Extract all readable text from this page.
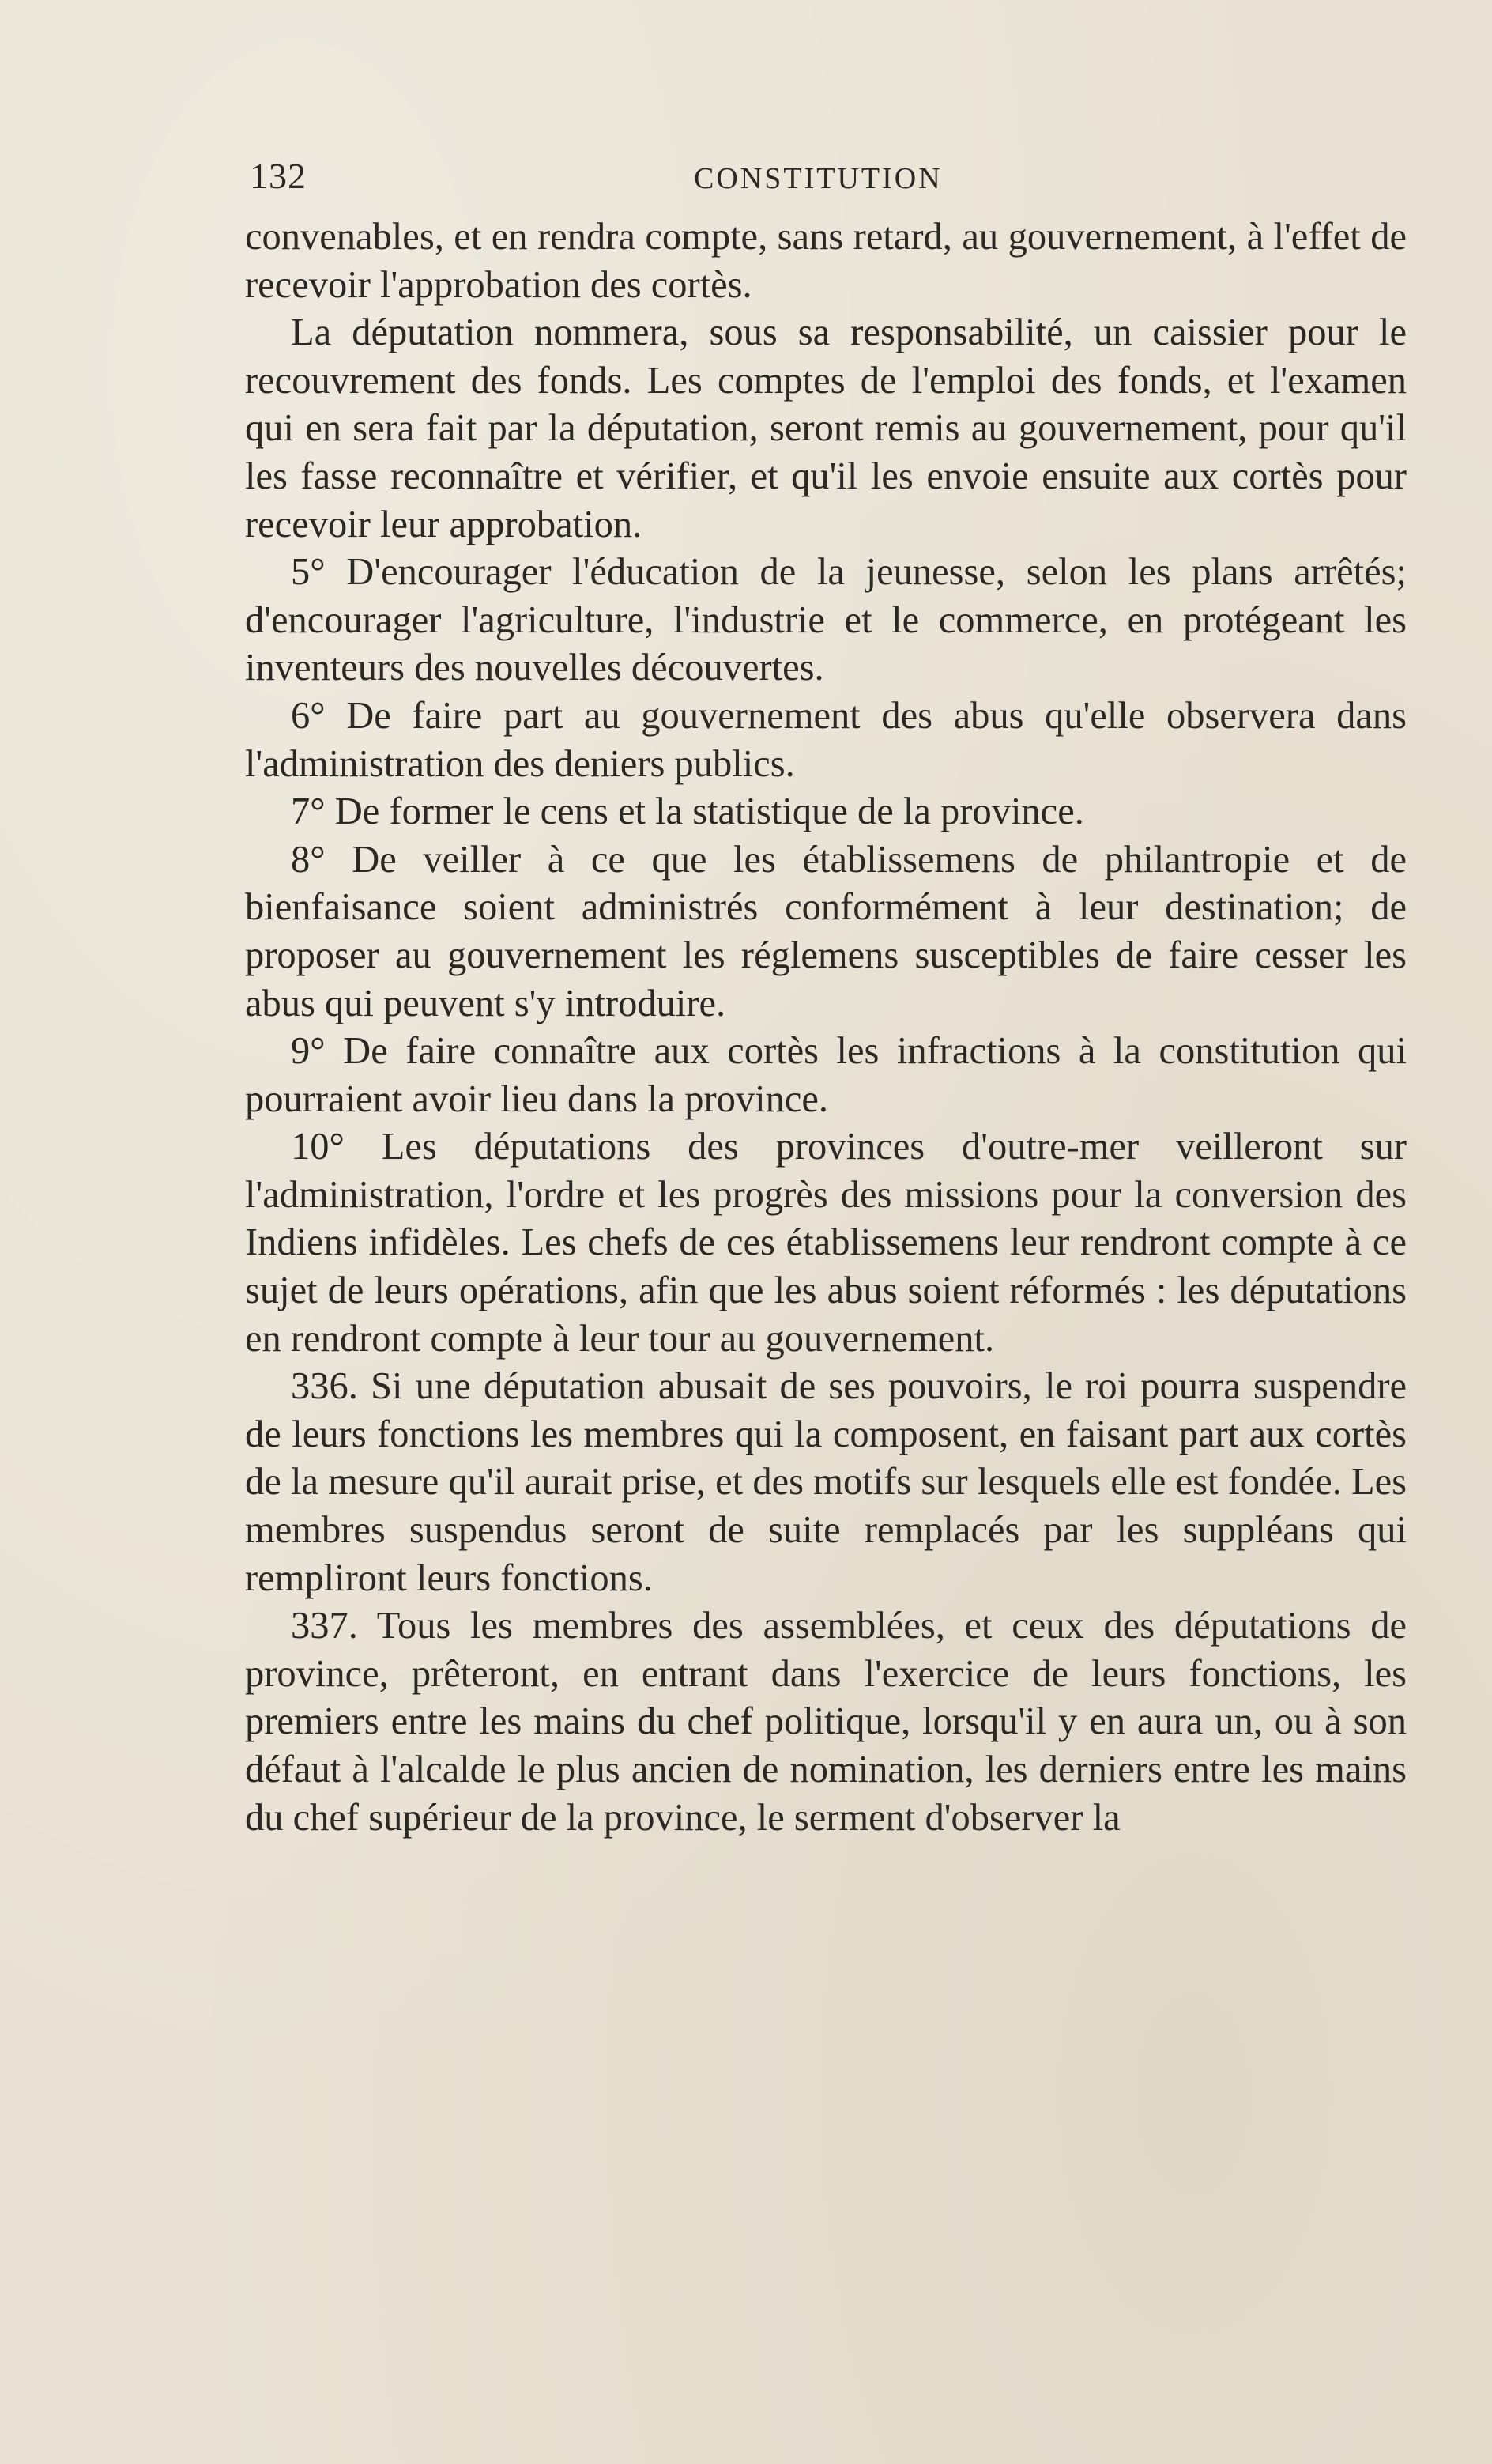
132	CONSTITUTION

convenables, et en rendra compte, sans retard, au gouvernement, à l'effet de recevoir l'approbation des cortès.

La députation nommera, sous sa responsabilité, un caissier pour le recouvrement des fonds. Les comptes de l'emploi des fonds, et l'examen qui en sera fait par la députation, seront remis au gouvernement, pour qu'il les fasse reconnaître et vérifier, et qu'il les envoie ensuite aux cortès pour recevoir leur approbation.

5° D'encourager l'éducation de la jeunesse, selon les plans arrêtés; d'encourager l'agriculture, l'industrie et le commerce, en protégeant les inventeurs des nouvelles découvertes.

6° De faire part au gouvernement des abus qu'elle observera dans l'administration des deniers publics.

7° De former le cens et la statistique de la province.

8° De veiller à ce que les établissemens de philantropie et de bienfaisance soient administrés conformément à leur destination; de proposer au gouvernement les réglemens susceptibles de faire cesser les abus qui peuvent s'y introduire.

9° De faire connaître aux cortès les infractions à la constitution qui pourraient avoir lieu dans la province.

10° Les députations des provinces d'outre-mer veilleront sur l'administration, l'ordre et les progrès des missions pour la conversion des Indiens infidèles. Les chefs de ces établissemens leur rendront compte à ce sujet de leurs opérations, afin que les abus soient réformés : les députations en rendront compte à leur tour au gouvernement.

336. Si une députation abusait de ses pouvoirs, le roi pourra suspendre de leurs fonctions les membres qui la composent, en faisant part aux cortès de la mesure qu'il aurait prise, et des motifs sur lesquels elle est fondée. Les membres suspendus seront de suite remplacés par les suppléans qui rempliront leurs fonctions.

337. Tous les membres des assemblées, et ceux des députations de province, prêteront, en entrant dans l'exercice de leurs fonctions, les premiers entre les mains du chef politique, lorsqu'il y en aura un, ou à son défaut à l'alcalde le plus ancien de nomination, les derniers entre les mains du chef supérieur de la province, le serment d'observer la
